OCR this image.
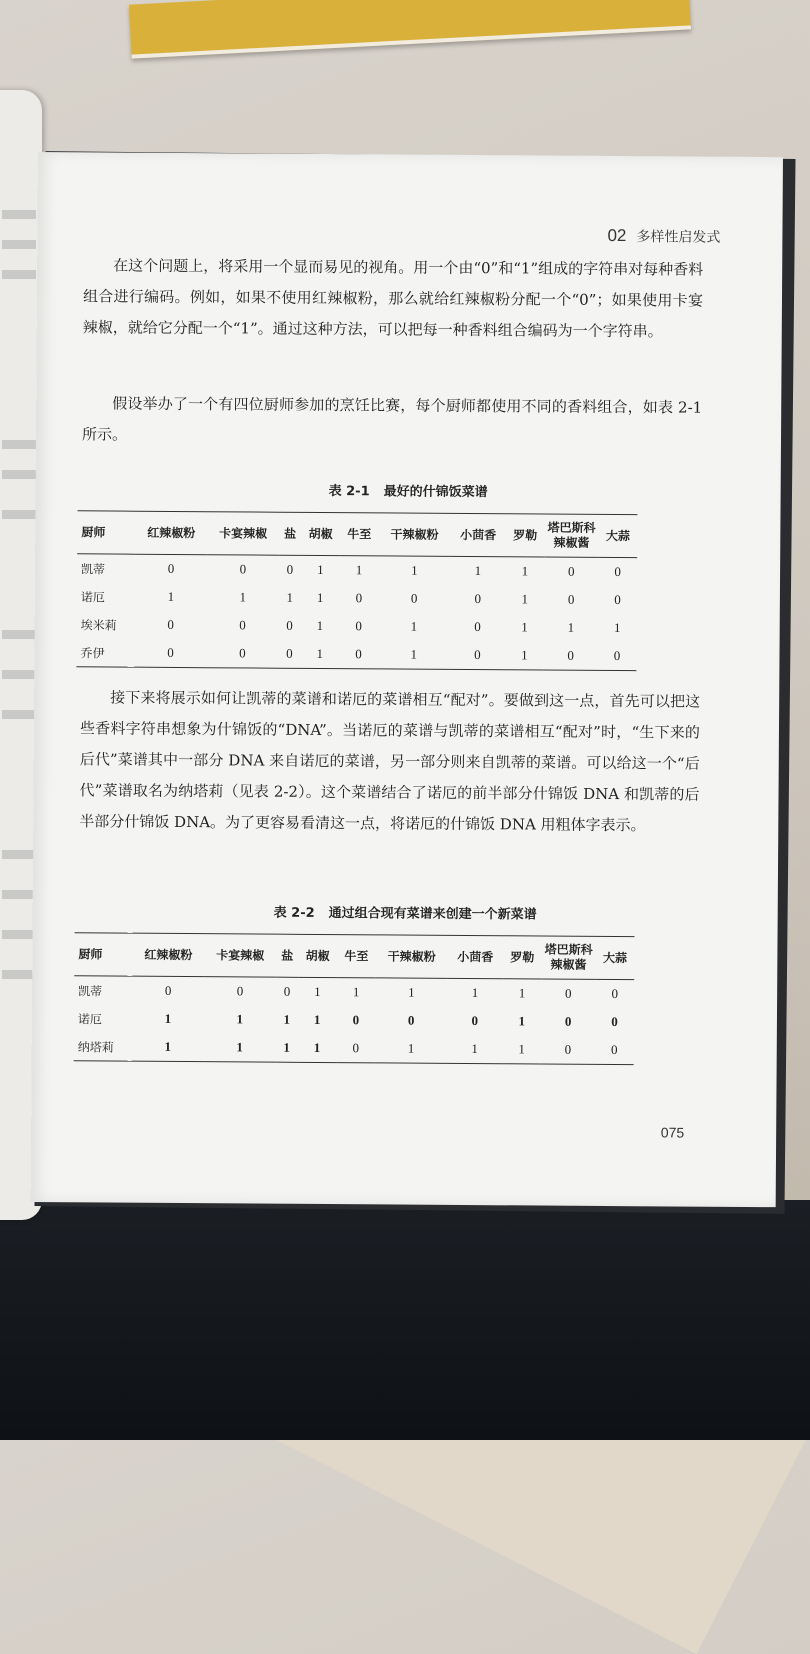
02 多样性启发式

在这个问题上，将采用一个显而易见的视角。用一个由“0”和“1”组成的字符串对每种香料组合进行编码。例如，如果不使用红辣椒粉，那么就给红辣椒粉分配一个“0”；如果使用卡宴辣椒，就给它分配一个“1”。通过这种方法，可以把每一种香料组合编码为一个字符串。

假设举办了一个有四位厨师参加的烹饪比赛，每个厨师都使用不同的香料组合，如表 2-1 所示。

表 2-1 最好的什锦饭菜谱
厨师	红辣椒粉	卡宴辣椒	盐	胡椒	牛至	干辣椒粉	小茴香	罗勒	塔巴斯科辣椒酱	大蒜
凯蒂	0	0	0	1	1	1	1	1	0	0
诺厄	1	1	1	1	0	0	0	1	0	0
埃米莉	0	0	0	1	0	1	0	1	1	1
乔伊	0	0	0	1	0	1	0	1	0	0

接下来将展示如何让凯蒂的菜谱和诺厄的菜谱相互“配对”。要做到这一点，首先可以把这些香料字符串想象为什锦饭的“DNA”。当诺厄的菜谱与凯蒂的菜谱相互“配对”时，“生下来的后代”菜谱其中一部分 DNA 来自诺厄的菜谱，另一部分则来自凯蒂的菜谱。可以给这一个“后代”菜谱取名为纳塔莉（见表 2-2）。这个菜谱结合了诺厄的前半部分什锦饭 DNA 和凯蒂的后半部分什锦饭 DNA。为了更容易看清这一点，将诺厄的什锦饭 DNA 用粗体字表示。

表 2-2 通过组合现有菜谱来创建一个新菜谱
厨师	红辣椒粉	卡宴辣椒	盐	胡椒	牛至	干辣椒粉	小茴香	罗勒	塔巴斯科辣椒酱	大蒜
凯蒂	0	0	0	1	1	1	1	1	0	0
诺厄	1	1	1	1	0	0	0	1	0	0
纳塔莉	1	1	1	1	0	1	1	1	0	0
075
